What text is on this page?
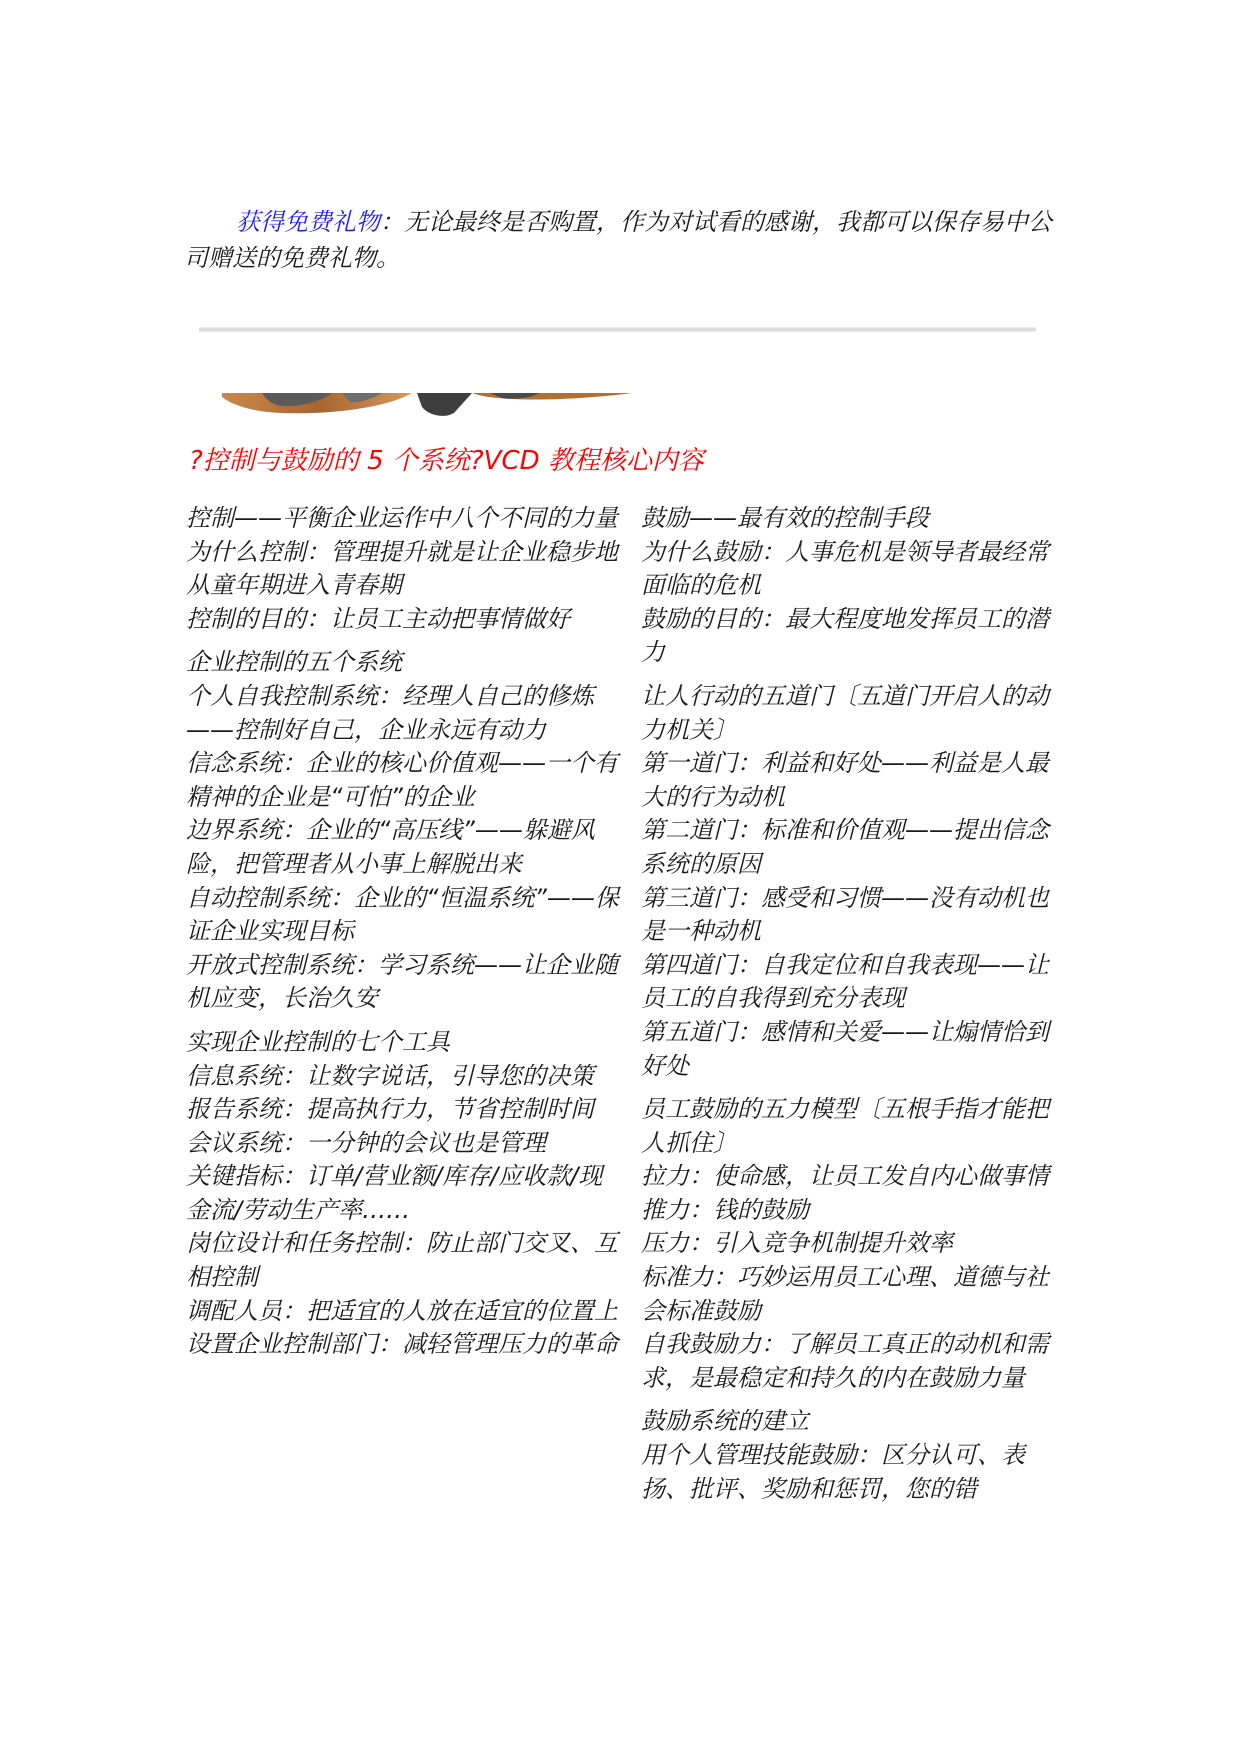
获得免费礼物：无论最终是否购置，作为对试看的感谢，我都可以保存易中公司赠送的免费礼物。

?控制与鼓励的 5 个系统?VCD 教程核心内容

控制——平衡企业运作中八个不同的力量

为什么控制：管理提升就是让企业稳步地从童年期进入青春期

控制的目的：让员工主动把事情做好

企业控制的五个系统

个人自我控制系统：经理人自己的修炼——控制好自己，企业永远有动力

信念系统：企业的核心价值观——一个有精神的企业是“可怕”的企业

边界系统：企业的“高压线”——躲避风险，把管理者从小事上解脱出来

自动控制系统：企业的“恒温系统”——保证企业实现目标

开放式控制系统：学习系统——让企业随机应变，长治久安

实现企业控制的七个工具

信息系统：让数字说话，引导您的决策

报告系统：提高执行力，节省控制时间

会议系统：一分钟的会议也是管理

关键指标：订单/营业额/库存/应收款/现金流/劳动生产率……

岗位设计和任务控制：防止部门交叉、互相控制

调配人员：把适宜的人放在适宜的位置上

设置企业控制部门：减轻管理压力的革命

鼓励——最有效的控制手段

为什么鼓励：人事危机是领导者最经常面临的危机

鼓励的目的：最大程度地发挥员工的潜力

让人行动的五道门〔五道门开启人的动力机关〕

第一道门：利益和好处——利益是人最大的行为动机

第二道门：标准和价值观——提出信念系统的原因

第三道门：感受和习惯——没有动机也是一种动机

第四道门：自我定位和自我表现——让员工的自我得到充分表现

第五道门：感情和关爱——让煽情恰到好处

员工鼓励的五力模型〔五根手指才能把人抓住〕

拉力：使命感，让员工发自内心做事情

推力：钱的鼓励

压力：引入竞争机制提升效率

标准力：巧妙运用员工心理、道德与社会标准鼓励

自我鼓励力：了解员工真正的动机和需求，是最稳定和持久的内在鼓励力量

鼓励系统的建立

用个人管理技能鼓励：区分认可、表扬、批评、奖励和惩罚，您的错
